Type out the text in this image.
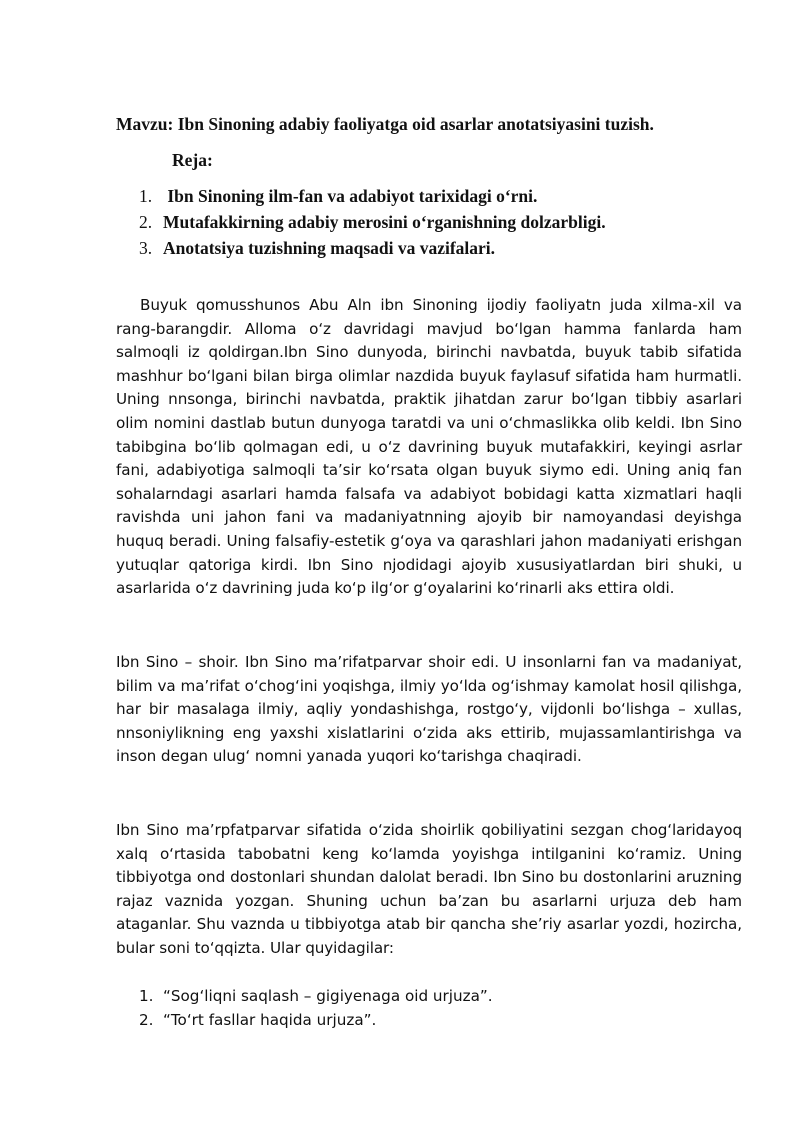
Mavzu: Ibn Sinoning adabiy faoliyatga oid asarlar anotatsiyasini tuzish.

Reja:

1. Ibn Sinoning ilm-fan va adabiyot tarixidagi o‘rni.
2. Mutafakkirning adabiy merosini o‘rganishning dolzarbligi.
3. Anotatsiya tuzishning maqsadi va vazifalari.

Buyuk qomusshunos Abu Aln ibn Sinoning ijodiy faoliyatn juda xilma-xil va rang-barangdir. Alloma o‘z davridagi mavjud bo‘lgan hamma fanlarda ham salmoqli iz qoldirgan.Ibn Sino dunyoda, birinchi navbatda, buyuk tabib sifatida mashhur bo‘lgani bilan birga olimlar nazdida buyuk faylasuf sifatida ham hurmatli. Uning nnsonga, birinchi navbatda, praktik jihatdan zarur bo‘lgan tibbiy asarlari olim nomini dastlab butun dunyoga taratdi va uni o‘chmaslikka olib keldi. Ibn Sino tabibgina bo‘lib qolmagan edi, u o‘z davrining buyuk mutafakkiri, keyingi asrlar fani, adabiyotiga salmoqli ta’sir ko‘rsata olgan buyuk siymo edi. Uning aniq fan sohalarndagi asarlari hamda falsafa va adabiyot bobidagi katta xizmatlari haqli ravishda uni jahon fani va madaniyatnning ajoyib bir namoyandasi deyishga huquq beradi. Uning falsafiy-estetik g‘oya va qarashlari jahon madaniyati erishgan yutuqlar qatoriga kirdi. Ibn Sino njodidagi ajoyib xususiyatlardan biri shuki, u asarlarida o‘z davrining juda ko‘p ilg‘or g‘oyalarini ko‘rinarli aks ettira oldi.

Ibn Sino – shoir. Ibn Sino ma’rifatparvar shoir edi. U insonlarni fan va madaniyat, bilim va ma’rifat o‘chog‘ini yoqishga, ilmiy yo‘lda og‘ishmay kamolat hosil qilishga, har bir masalaga ilmiy, aqliy yondashishga, rostgo‘y, vijdonli bo‘lishga – xullas, nnsoniylikning eng yaxshi xislatlarini o‘zida aks ettirib, mujassamlantirishga va inson degan ulug‘ nomni yanada yuqori ko‘tarishga chaqiradi.

Ibn Sino ma’rpfatparvar sifatida o‘zida shoirlik qobiliyatini sezgan chog‘laridayoq xalq o‘rtasida tabobatni keng ko‘lamda yoyishga intilganini ko‘ramiz. Uning tibbiyotga ond dostonlari shundan dalolat beradi. Ibn Sino bu dostonlarini aruzning rajaz vaznida yozgan. Shuning uchun ba’zan bu asarlarni urjuza deb ham ataganlar. Shu vaznda u tibbiyotga atab bir qancha she’riy asarlar yozdi, hozircha, bular soni to‘qqizta. Ular quyidagilar:

1. “Sog‘liqni saqlash – gigiyenaga oid urjuza”.
2. “To‘rt fasllar haqida urjuza”.
